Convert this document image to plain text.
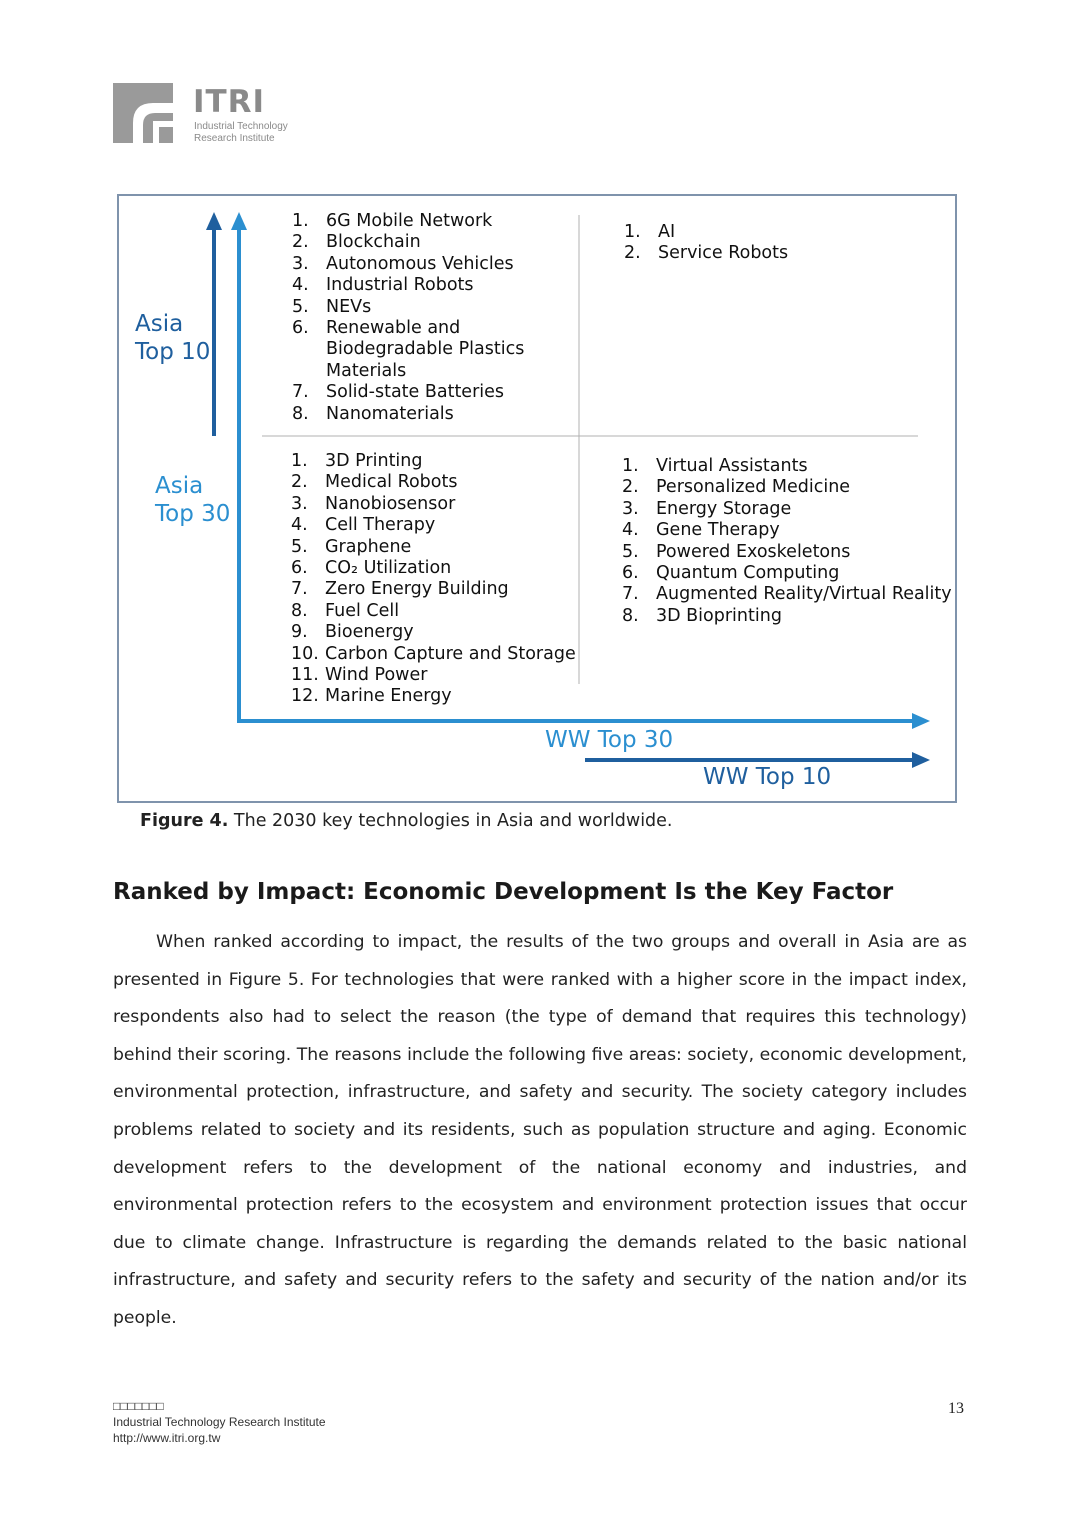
ITRI
Industrial Technology
Research Institute
Asia
Top 10
Asia
Top 30
WW Top 30
WW Top 10
1. 6G Mobile Network
2. Blockchain
3. Autonomous Vehicles
4. Industrial Robots
5. NEVs
6. Renewable and
Biodegradable Plastics
Materials
7. Solid-state Batteries
8. Nanomaterials
1. AI
2. Service Robots
1. 3D Printing
2. Medical Robots
3. Nanobiosensor
4. Cell Therapy
5. Graphene
6. CO₂ Utilization
7. Zero Energy Building
8. Fuel Cell
9. Bioenergy
10. Carbon Capture and Storage
11. Wind Power
12. Marine Energy
1. Virtual Assistants
2. Personalized Medicine
3. Energy Storage
4. Gene Therapy
5. Powered Exoskeletons
6. Quantum Computing
7. Augmented Reality/Virtual Reality
8. 3D Bioprinting
Figure 4. The 2030 key technologies in Asia and worldwide.
Ranked by Impact: Economic Development Is the Key Factor

When ranked according to impact, the results of the two groups and overall in Asia are as presented in Figure 5. For technologies that were ranked with a higher score in the impact index, respondents also had to select the reason (the type of demand that requires this technology) behind their scoring. The reasons include the following five areas: society, economic development, environmental protection, infrastructure, and safety and security. The society category includes problems related to society and its residents, such as population structure and aging. Economic development refers to the development of the national economy and industries, and environmental protection refers to the ecosystem and environment protection issues that occur due to climate change. Infrastructure is regarding the demands related to the basic national infrastructure, and safety and security refers to the safety and security of the nation and/or its people.

□□□□□□□
Industrial Technology Research Institute
http://www.itri.org.tw
13
